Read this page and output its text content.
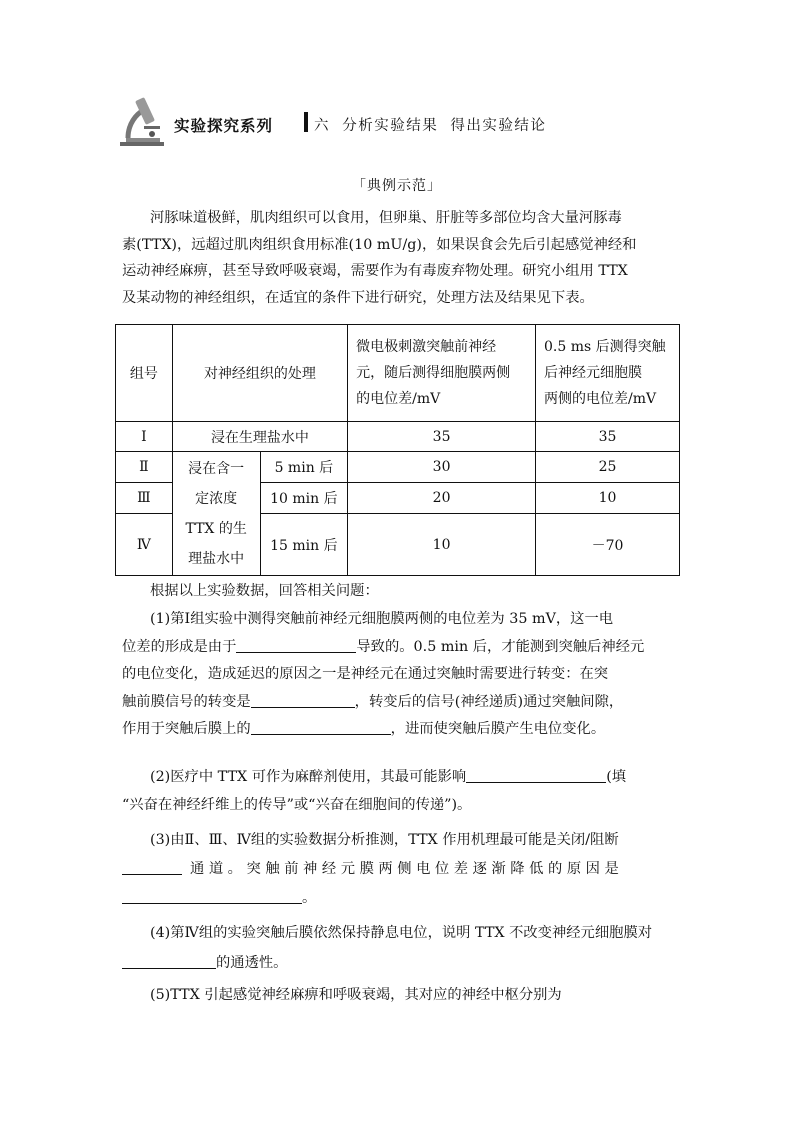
实验探究系列	六  分析实验结果  得出实验结论
「典例示范」
河豚味道极鲜，肌肉组织可以食用，但卵巢、肝脏等多部位均含大量河豚毒
素(TTX)，远超过肌肉组织食用标准(10 mU/g)，如果误食会先后引起感觉神经和
运动神经麻痹，甚至导致呼吸衰竭，需要作为有毒废弃物处理。研究小组用 TTX
及某动物的神经组织，在适宜的条件下进行研究，处理方法及结果见下表。
组号	对神经组织的处理		微电极刺激突触前神经
元，随后测得细胞膜两侧
的电位差/mV	0.5 ms 后测得突触
后神经元细胞膜
两侧的电位差/mV

Ⅰ	浸在生理盐水中		35	35
Ⅱ	浸在含一
定浓度
TTX 的生
理盐水中	5 min 后	30	25
Ⅲ		10 min 后	20	10
Ⅳ		15 min 后	10	－70
根据以上实验数据，回答相关问题：
(1)第Ⅰ组实验中测得突触前神经元细胞膜两侧的电位差为 35 mV，这一电
位差的形成是由于	导致的。0.5 min 后，才能测到突触后神经元
的电位变化，造成延迟的原因之一是神经元在通过突触时需要进行转变：在突
触前膜信号的转变是	，转变后的信号(神经递质)通过突触间隙，
作用于突触后膜上的	，进而使突触后膜产生电位变化。
(2)医疗中 TTX 可作为麻醉剂使用，其最可能影响	(填
“兴奋在神经纤维上的传导”或“兴奋在细胞间的传递”)。
(3)由Ⅱ、Ⅲ、Ⅳ组的实验数据分析推测，TTX 作用机理最可能是关闭/阻断
通 道 。 突 触 前 神 经 元 膜 两 侧 电 位 差 逐 渐 降 低 的 原 因 是
。
(4)第Ⅳ组的实验突触后膜依然保持静息电位，说明 TTX 不改变神经元细胞膜对
的通透性。
(5)TTX 引起感觉神经麻痹和呼吸衰竭，其对应的神经中枢分别为
